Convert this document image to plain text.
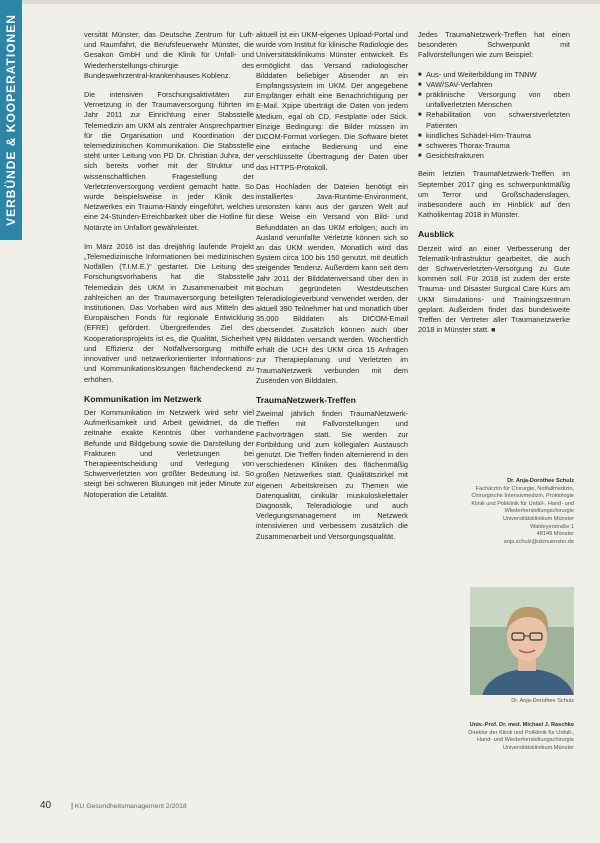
VERBÜNDE & KOOPERATIONEN	versität Münster, das Deutsche Zentrum für Luft- und Raumfahrt, die Berufsfeuerwehr Münster, die Gesakon GmbH und die Klinik für Unfall- und Wiederherstellungs-chirurgie des Bundeswehrzentral-krankenhauses Koblenz.

Die intensiven Forschungsaktivitäten zur Vernetzung in der Traumaversorgung führten im Jahr 2011 zur Einrichtung einer Stabsstelle Telemedizin am UKM als zentraler Ansprechpartner für die Organisation und Koordination der telemedizinischen Kommunikation. Die Stabsstelle steht unter Leitung von PD Dr. Christian Juhra, der sich bereits vorher mit der Struktur und wissenschaftlichen Fragestellung der Verletztenversorgung verdient gemacht hatte. So wurde beispielsweise in jeder Klinik des Netzwerkes ein Trauma-Handy eingeführt, welches eine 24-Stunden-Erreichbarkeit über die Hotline für Notärzte im Unfallort gewährleistet.

Im März 2016 ist das dreijährig laufende Projekt „Telemedizinische Informationen bei medizinischen Notfällen (T.I.M.E.)“ gestartet. Die Leitung des Forschungsvorhabens hat die Stabsstelle Telemedizin des UKM in Zusammenarbeit mit zahlreichen an der Traumaversorgung beteiligten Institutionen. Das Vorhaben wird aus Mitteln des Europäischen Fonds für regionale Entwicklung (EFRE) gefördert. Übergreifendes Ziel des Kooperationsprojekts ist es, die Qualität, Sicherheit und Effizienz der Notfallversorgung mithilfe innovativer und netzwerkorientierter Informations- und Kommunikationslösungen flächendeckend zu erhöhen.

Kommunikation im Netzwerk

Der Kommunikation im Netzwerk wird sehr viel Aufmerksamkeit und Arbeit gewidmet, da die zeitnahe exakte Kenntnis über vorhandene Befunde und Bildgebung sowie die Darstellung der Frakturen und Verletzungen bei Therapieentscheidung und Verlegung von Schwerverletzten von größter Bedeutung ist. So steigt bei schweren Blutungen mit jeder Minute zur Notoperation die Letalität.

aktuell ist ein UKM-eigenes Upload-Portal und wurde vom Institut für klinische Radiologie des Universitätsklinikums Münster entwickelt. Es ermöglicht das Versand radiologischer Bilddaten beliebiger Absender an ein Empfangssystem im UKM. Der angegebene Empfänger erhält eine Benachrichtigung per E-Mail. Xpipe überträgt die Daten von jedem Medium, egal ob CD, Festplatte oder Stick. Einzige Bedingung: die Bilder müssen im DICOM-Format vorliegen. Die Software bietet eine einfache Bedienung und eine verschlüsselte Übertragung der Daten über das HTTPS-Protokoll.

Das Hochladen der Dateien benötigt ein installiertes Java-Runtime-Environment, unsonsten kann aus der ganzen Welt auf diese Weise ein Versand von Bild- und Befunddaten an das UKM erfolgen; auch im Ausland verunfallte Verletzte können sich so an das UKM wenden. Monatlich wird das System circa 100 bis 150 genutzt, mit deutlich steigender Tendenz. Außerdem kann seit dem Jahr 2011 der Bilddatenversand über den in Bochum gegründeten Westdeutschen Teleradiologieverbund verwendet werden, der aktuell 390 Teilnehmer hat und monatlich über 35.000 Bilddaten als DICOM-Email übersendet. Zusätzlich können auch über VPN Bilddaten versandt werden. Wöchentlich erhält die UCH des UKM circa 15 Anfragen zur Therapieplanung und Verletzten im TraumaNetzwerk verbunden mit dem Zusenden von Bilddaten.

TraumaNetzwerk-Treffen

Zweimal jährlich finden TraumaNetzwerk-Treffen mit Fallvorstellungen und Fachvorträgen statt. Sie werden zur Fortbildung und zum kollegialen Austausch genutzt. Die Treffen finden alternierend in den verschiedenen Kliniken des flächenmäßig großen Netzwerkes statt. Qualitätszirkel mit eigenen Arbeitskreisen zu Themen wie Datenqualität, cinikulär muskuloskelettaler Diagnostik, Teleradiologie und auch Verlegungsmanagement im Netzwerk intensivieren und verbessern zusätzlich die Zusammenarbeit und Versorgungsqualität.

Jedes TraumaNetzwerk-Treffen hat einen besonderen Schwerpunkt mit Fallvorstellungen wie zum Beispiel:

■ Aus- und Weiterbildung im TNNW
■ VAW/SAV-Verfahren
■ präklinische Versorgung von oben unfallverletzten Menschen
■ Rehabilitation von schwerstverletzten Patienten
■ kindliches Schädel-Hirn-Trauma
■ schweres Thorax-Trauma
■ Gesichtsfrakturen

Beim letzten TraumaNetzwerk-Treffen im September 2017 ging es schwerpunktmäßig um Terror und Großschadenslagen, insbesondere auch im Hinblick auf den Katholikentag 2018 in Münster.

Ausblick

Derzeit wird an einer Verbesserung der Telematik-Infrastruktur gearbeitet, die auch der Schwerverletzten-Versorgung zu Gute kommen soll. Für 2018 ist zudem der erste Trauma- und Disaster Surgical Care Kurs am UKM Simulations- und Trainingszentrum geplant. Außerdem findet das bundesweite Treffen der Vertreter aller Traumanetzwerke 2018 in Münster statt. ■

Dr. Anja-Dorothee Schulz
Fachärztin für Chirurgie, Notfallmedizin,
Chirurgische Intensivmedizin, Proktologie
Klinik und Poliklinik für Unfall-, Hand- und
Wiederherstellungschirurgie
Universitätsklinikum Münster
Waldeyerstraße 1
48149 Münster
anja.schulz@ukmuenster.de
Dr. Anja-Dorothee Schulz
Univ.-Prof. Dr. med. Michael J. Raschke
Direktor der Klinik und Poliklinik für Unfall-,
Hand- und Wiederherstellungschirurgie
Universitätsklinikum Münster
40	| KU Gesundheitsmanagement 2/2018
